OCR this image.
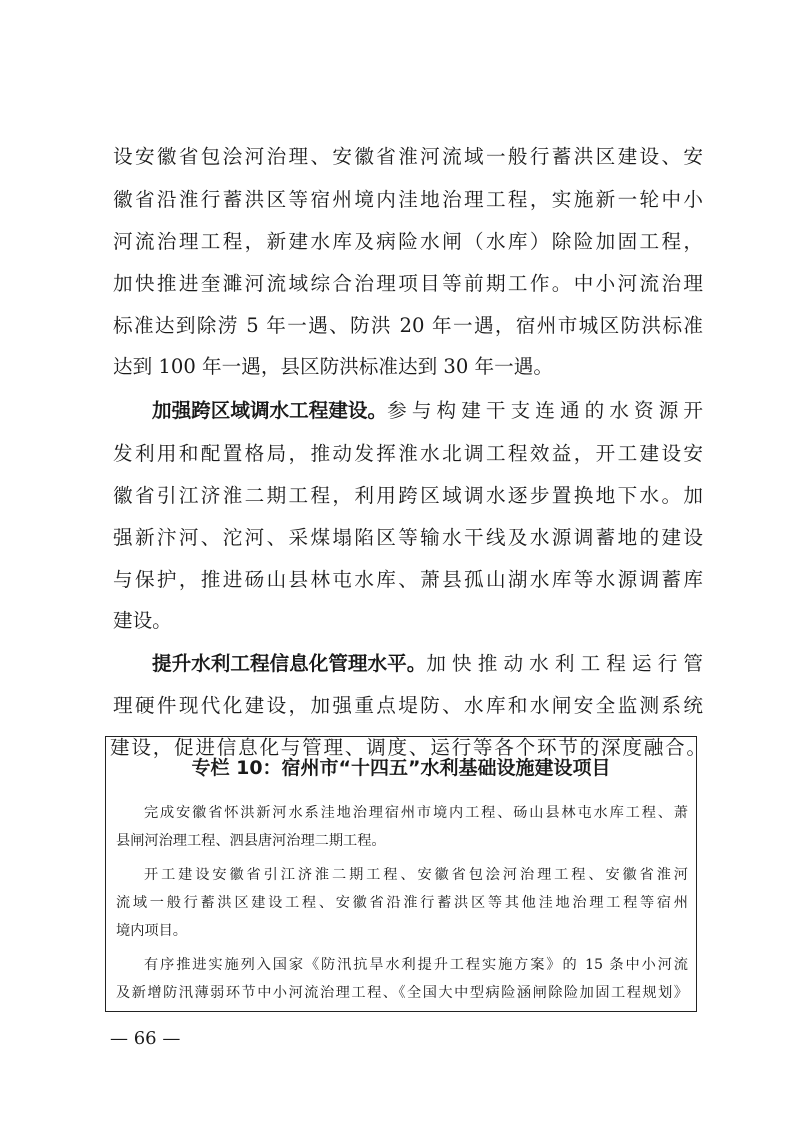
设安徽省包浍河治理、安徽省淮河流域一般行蓄洪区建设、安
徽省沿淮行蓄洪区等宿州境内洼地治理工程，实施新一轮中小
河流治理工程，新建水库及病险水闸（水库）除险加固工程，
加快推进奎濉河流域综合治理项目等前期工作。中小河流治理
标准达到除涝 5 年一遇、防洪 20 年一遇，宿州市城区防洪标准
达到 100 年一遇，县区防洪标准达到 30 年一遇。
加强跨区域调水工程建设。 参与构建干支连通的水资源开
发利用和配置格局，推动发挥淮水北调工程效益，开工建设安
徽省引江济淮二期工程，利用跨区域调水逐步置换地下水。加
强新汴河、沱河、采煤塌陷区等输水干线及水源调蓄地的建设
与保护，推进砀山县林屯水库、萧县孤山湖水库等水源调蓄库
建设。
提升水利工程信息化管理水平。 加快推动水利工程运行管
理硬件现代化建设，加强重点堤防、水库和水闸安全监测系统
建设，促进信息化与管理、调度、运行等各个环节的深度融合。
专栏 10：宿州市“十四五”水利基础设施建设项目
完成安徽省怀洪新河水系洼地治理宿州市境内工程、砀山县林屯水库工程、萧
县闸河治理工程、泗县唐河治理二期工程。
开工建设安徽省引江济淮二期工程、安徽省包浍河治理工程、安徽省淮河
流域一般行蓄洪区建设工程、安徽省沿淮行蓄洪区等其他洼地治理工程等宿州
境内项目。
有序推进实施列入国家《防汛抗旱水利提升工程实施方案》的 15 条中小河流
及新增防汛薄弱环节中小河流治理工程、《全国大中型病险涵闸除险加固工程规划》
— 66 —
